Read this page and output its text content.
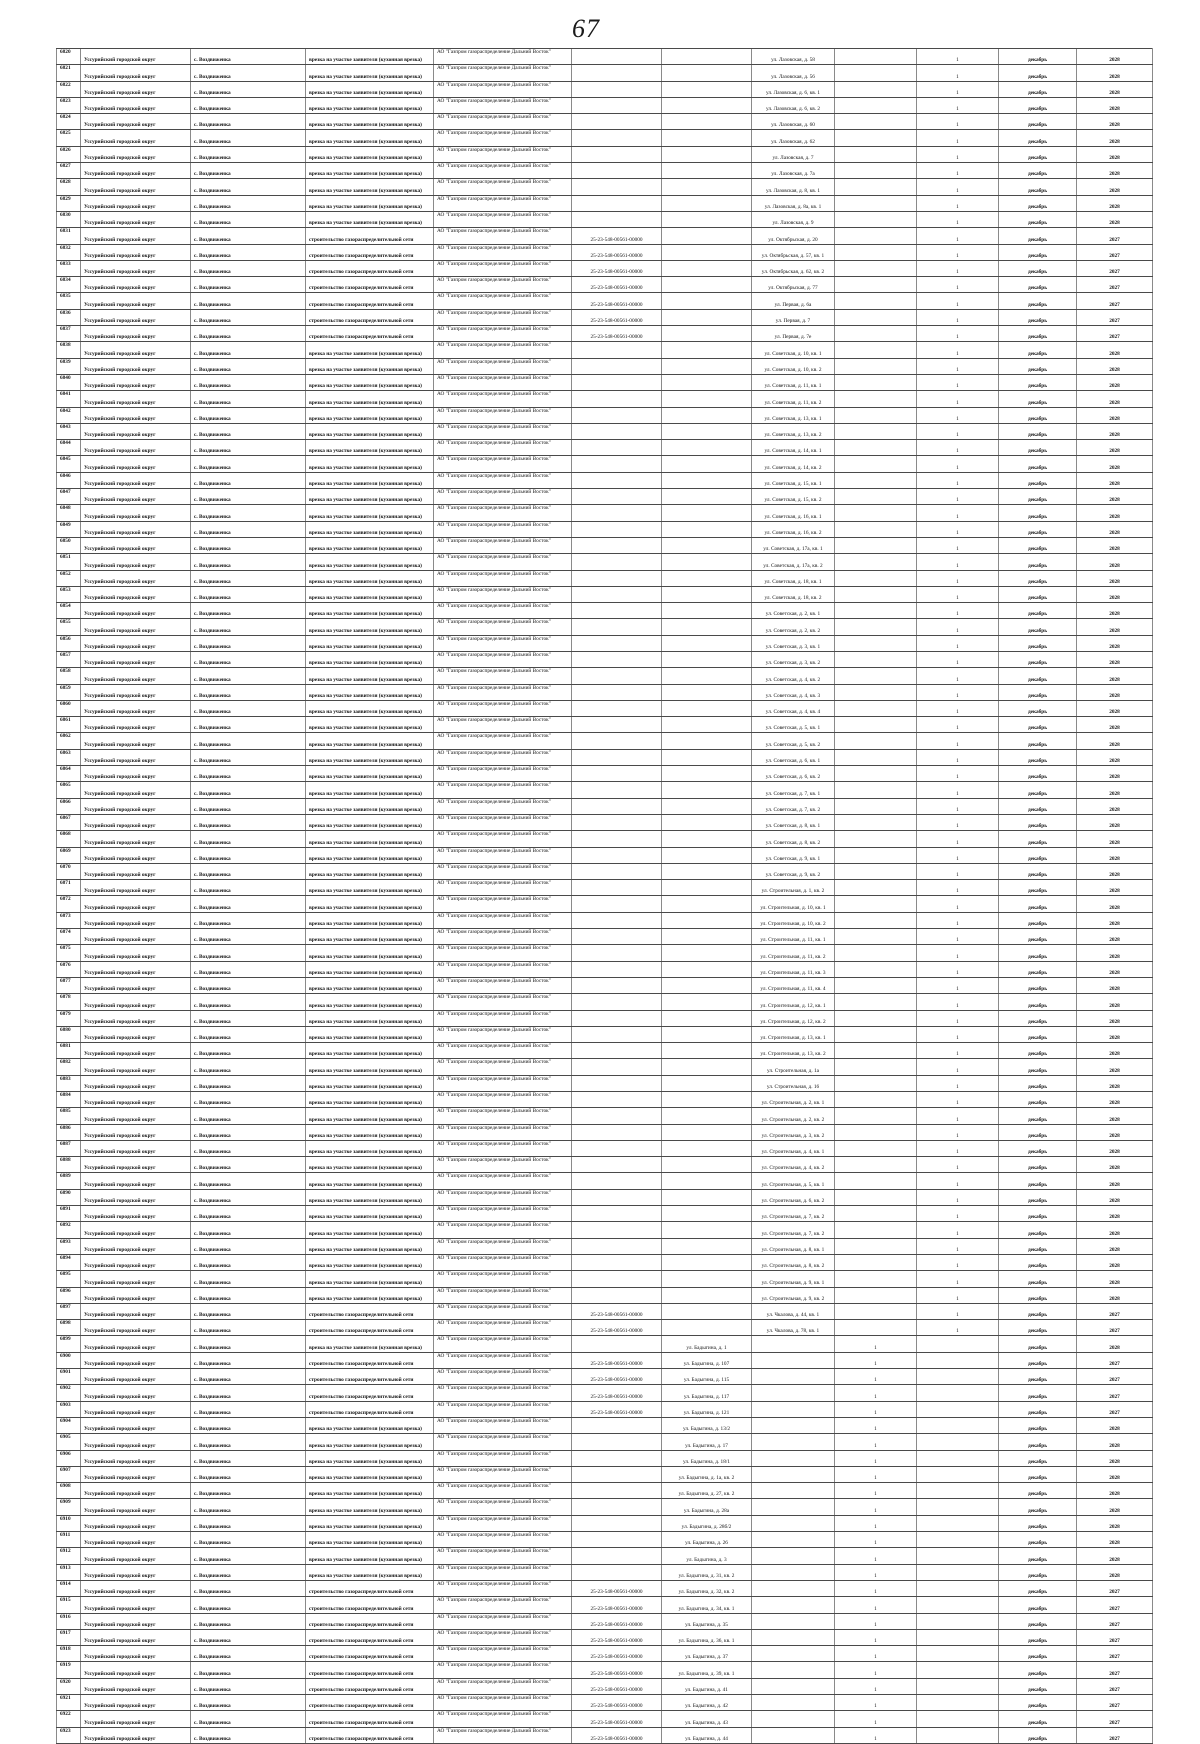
67
6820	Уссурийский городской округ	с. Воздвиженка	врезка на участке заявителя (кухонная врезка)	АО "Газпром газораспределение Дальний Восток"			ул. Лазовская, д. 58		1	декабрь	2028
6821	Уссурийский городской округ	с. Воздвиженка	врезка на участке заявителя (кухонная врезка)	АО "Газпром газораспределение Дальний Восток"			ул. Лазовская, д. 56		1	декабрь	2028
6822	Уссурийский городской округ	с. Воздвиженка	врезка на участке заявителя (кухонная врезка)	АО "Газпром газораспределение Дальний Восток"			ул. Лазовская, д. 6, кв. 1		1	декабрь	2028
6823	Уссурийский городской округ	с. Воздвиженка	врезка на участке заявителя (кухонная врезка)	АО "Газпром газораспределение Дальний Восток"			ул. Лазовская, д. 6, кв. 2		1	декабрь	2028
6824	Уссурийский городской округ	с. Воздвиженка	врезка на участке заявителя (кухонная врезка)	АО "Газпром газораспределение Дальний Восток"			ул. Лазовская, д. 60		1	декабрь	2028
6825	Уссурийский городской округ	с. Воздвиженка	врезка на участке заявителя (кухонная врезка)	АО "Газпром газораспределение Дальний Восток"			ул. Лазовская, д. 62		1	декабрь	2028
6826	Уссурийский городской округ	с. Воздвиженка	врезка на участке заявителя (кухонная врезка)	АО "Газпром газораспределение Дальний Восток"			ул. Лазовская, д. 7		1	декабрь	2028
6827	Уссурийский городской округ	с. Воздвиженка	врезка на участке заявителя (кухонная врезка)	АО "Газпром газораспределение Дальний Восток"			ул. Лазовская, д. 7а		1	декабрь	2028
6828	Уссурийский городской округ	с. Воздвиженка	врезка на участке заявителя (кухонная врезка)	АО "Газпром газораспределение Дальний Восток"			ул. Лазовская, д. 8, кв. 1		1	декабрь	2028
6829	Уссурийский городской округ	с. Воздвиженка	врезка на участке заявителя (кухонная врезка)	АО "Газпром газораспределение Дальний Восток"			ул. Лазовская, д. 8а, кв. 1		1	декабрь	2028
6830	Уссурийский городской округ	с. Воздвиженка	врезка на участке заявителя (кухонная врезка)	АО "Газпром газораспределение Дальний Восток"			ул. Лазовская, д. 9		1	декабрь	2028
6831	Уссурийский городской округ	с. Воздвиженка	строительство газораспределительной сети	АО "Газпром газораспределение Дальний Восток"	25-23-548-00561-00000		ул. Октябрьская, д. 20		1	декабрь	2027
6832	Уссурийский городской округ	с. Воздвиженка	строительство газораспределительной сети	АО "Газпром газораспределение Дальний Восток"	25-23-548-00561-00000		ул. Октябрьская, д. 57, кв. 1		1	декабрь	2027
6833	Уссурийский городской округ	с. Воздвиженка	строительство газораспределительной сети	АО "Газпром газораспределение Дальний Восток"	25-23-548-00561-00000		ул. Октябрьская, д. 62, кв. 2		1	декабрь	2027
6834	Уссурийский городской округ	с. Воздвиженка	строительство газораспределительной сети	АО "Газпром газораспределение Дальний Восток"	25-23-548-00561-00000		ул. Октябрьская, д. 77		1	декабрь	2027
6835	Уссурийский городской округ	с. Воздвиженка	строительство газораспределительной сети	АО "Газпром газораспределение Дальний Восток"	25-23-548-00561-00000		ул. Первая, д. 6а		1	декабрь	2027
6836	Уссурийский городской округ	с. Воздвиженка	строительство газораспределительной сети	АО "Газпром газораспределение Дальний Восток"	25-23-548-00561-00000		ул. Первая, д. 7		1	декабрь	2027
6837	Уссурийский городской округ	с. Воздвиженка	строительство газораспределительной сети	АО "Газпром газораспределение Дальний Восток"	25-23-548-00561-00000		ул. Первая, д. 7е		1	декабрь	2027
6838	Уссурийский городской округ	с. Воздвиженка	врезка на участке заявителя (кухонная врезка)	АО "Газпром газораспределение Дальний Восток"			ул. Советская, д. 10, кв. 1		1	декабрь	2028
6839	Уссурийский городской округ	с. Воздвиженка	врезка на участке заявителя (кухонная врезка)	АО "Газпром газораспределение Дальний Восток"			ул. Советская, д. 10, кв. 2		1	декабрь	2028
6840	Уссурийский городской округ	с. Воздвиженка	врезка на участке заявителя (кухонная врезка)	АО "Газпром газораспределение Дальний Восток"			ул. Советская, д. 11, кв. 1		1	декабрь	2028
6841	Уссурийский городской округ	с. Воздвиженка	врезка на участке заявителя (кухонная врезка)	АО "Газпром газораспределение Дальний Восток"			ул. Советская, д. 11, кв. 2		1	декабрь	2028
6842	Уссурийский городской округ	с. Воздвиженка	врезка на участке заявителя (кухонная врезка)	АО "Газпром газораспределение Дальний Восток"			ул. Советская, д. 13, кв. 1		1	декабрь	2028
6843	Уссурийский городской округ	с. Воздвиженка	врезка на участке заявителя (кухонная врезка)	АО "Газпром газораспределение Дальний Восток"			ул. Советская, д. 13, кв. 2		1	декабрь	2028
6844	Уссурийский городской округ	с. Воздвиженка	врезка на участке заявителя (кухонная врезка)	АО "Газпром газораспределение Дальний Восток"			ул. Советская, д. 14, кв. 1		1	декабрь	2028
6845	Уссурийский городской округ	с. Воздвиженка	врезка на участке заявителя (кухонная врезка)	АО "Газпром газораспределение Дальний Восток"			ул. Советская, д. 14, кв. 2		1	декабрь	2028
6846	Уссурийский городской округ	с. Воздвиженка	врезка на участке заявителя (кухонная врезка)	АО "Газпром газораспределение Дальний Восток"			ул. Советская, д. 15, кв. 1		1	декабрь	2028
6847	Уссурийский городской округ	с. Воздвиженка	врезка на участке заявителя (кухонная врезка)	АО "Газпром газораспределение Дальний Восток"			ул. Советская, д. 15, кв. 2		1	декабрь	2028
6848	Уссурийский городской округ	с. Воздвиженка	врезка на участке заявителя (кухонная врезка)	АО "Газпром газораспределение Дальний Восток"			ул. Советская, д. 16, кв. 1		1	декабрь	2028
6849	Уссурийский городской округ	с. Воздвиженка	врезка на участке заявителя (кухонная врезка)	АО "Газпром газораспределение Дальний Восток"			ул. Советская, д. 16, кв. 2		1	декабрь	2028
6850	Уссурийский городской округ	с. Воздвиженка	врезка на участке заявителя (кухонная врезка)	АО "Газпром газораспределение Дальний Восток"			ул. Советская, д. 17а, кв. 1		1	декабрь	2028
6851	Уссурийский городской округ	с. Воздвиженка	врезка на участке заявителя (кухонная врезка)	АО "Газпром газораспределение Дальний Восток"			ул. Советская, д. 17а, кв. 2		1	декабрь	2028
6852	Уссурийский городской округ	с. Воздвиженка	врезка на участке заявителя (кухонная врезка)	АО "Газпром газораспределение Дальний Восток"			ул. Советская, д. 18, кв. 1		1	декабрь	2028
6853	Уссурийский городской округ	с. Воздвиженка	врезка на участке заявителя (кухонная врезка)	АО "Газпром газораспределение Дальний Восток"			ул. Советская, д. 18, кв. 2		1	декабрь	2028
6854	Уссурийский городской округ	с. Воздвиженка	врезка на участке заявителя (кухонная врезка)	АО "Газпром газораспределение Дальний Восток"			ул. Советская, д. 2, кв. 1		1	декабрь	2028
6855	Уссурийский городской округ	с. Воздвиженка	врезка на участке заявителя (кухонная врезка)	АО "Газпром газораспределение Дальний Восток"			ул. Советская, д. 2, кв. 2		1	декабрь	2028
6856	Уссурийский городской округ	с. Воздвиженка	врезка на участке заявителя (кухонная врезка)	АО "Газпром газораспределение Дальний Восток"			ул. Советская, д. 3, кв. 1		1	декабрь	2028
6857	Уссурийский городской округ	с. Воздвиженка	врезка на участке заявителя (кухонная врезка)	АО "Газпром газораспределение Дальний Восток"			ул. Советская, д. 3, кв. 2		1	декабрь	2028
6858	Уссурийский городской округ	с. Воздвиженка	врезка на участке заявителя (кухонная врезка)	АО "Газпром газораспределение Дальний Восток"			ул. Советская, д. 4, кв. 2		1	декабрь	2028
6859	Уссурийский городской округ	с. Воздвиженка	врезка на участке заявителя (кухонная врезка)	АО "Газпром газораспределение Дальний Восток"			ул. Советская, д. 4, кв. 3		1	декабрь	2028
6860	Уссурийский городской округ	с. Воздвиженка	врезка на участке заявителя (кухонная врезка)	АО "Газпром газораспределение Дальний Восток"			ул. Советская, д. 4, кв. 4		1	декабрь	2028
6861	Уссурийский городской округ	с. Воздвиженка	врезка на участке заявителя (кухонная врезка)	АО "Газпром газораспределение Дальний Восток"			ул. Советская, д. 5, кв. 1		1	декабрь	2028
6862	Уссурийский городской округ	с. Воздвиженка	врезка на участке заявителя (кухонная врезка)	АО "Газпром газораспределение Дальний Восток"			ул. Советская, д. 5, кв. 2		1	декабрь	2028
6863	Уссурийский городской округ	с. Воздвиженка	врезка на участке заявителя (кухонная врезка)	АО "Газпром газораспределение Дальний Восток"			ул. Советская, д. 6, кв. 1		1	декабрь	2028
6864	Уссурийский городской округ	с. Воздвиженка	врезка на участке заявителя (кухонная врезка)	АО "Газпром газораспределение Дальний Восток"			ул. Советская, д. 6, кв. 2		1	декабрь	2028
6865	Уссурийский городской округ	с. Воздвиженка	врезка на участке заявителя (кухонная врезка)	АО "Газпром газораспределение Дальний Восток"			ул. Советская, д. 7, кв. 1		1	декабрь	2028
6866	Уссурийский городской округ	с. Воздвиженка	врезка на участке заявителя (кухонная врезка)	АО "Газпром газораспределение Дальний Восток"			ул. Советская, д. 7, кв. 2		1	декабрь	2028
6867	Уссурийский городской округ	с. Воздвиженка	врезка на участке заявителя (кухонная врезка)	АО "Газпром газораспределение Дальний Восток"			ул. Советская, д. 8, кв. 1		1	декабрь	2028
6868	Уссурийский городской округ	с. Воздвиженка	врезка на участке заявителя (кухонная врезка)	АО "Газпром газораспределение Дальний Восток"			ул. Советская, д. 8, кв. 2		1	декабрь	2028
6869	Уссурийский городской округ	с. Воздвиженка	врезка на участке заявителя (кухонная врезка)	АО "Газпром газораспределение Дальний Восток"			ул. Советская, д. 9, кв. 1		1	декабрь	2028
6870	Уссурийский городской округ	с. Воздвиженка	врезка на участке заявителя (кухонная врезка)	АО "Газпром газораспределение Дальний Восток"			ул. Советская, д. 9, кв. 2		1	декабрь	2028
6871	Уссурийский городской округ	с. Воздвиженка	врезка на участке заявителя (кухонная врезка)	АО "Газпром газораспределение Дальний Восток"			ул. Строительная, д. 1, кв. 2		1	декабрь	2028
6872	Уссурийский городской округ	с. Воздвиженка	врезка на участке заявителя (кухонная врезка)	АО "Газпром газораспределение Дальний Восток"			ул. Строительная, д. 10, кв. 1		1	декабрь	2028
6873	Уссурийский городской округ	с. Воздвиженка	врезка на участке заявителя (кухонная врезка)	АО "Газпром газораспределение Дальний Восток"			ул. Строительная, д. 10, кв. 2		1	декабрь	2028
6874	Уссурийский городской округ	с. Воздвиженка	врезка на участке заявителя (кухонная врезка)	АО "Газпром газораспределение Дальний Восток"			ул. Строительная, д. 11, кв. 1		1	декабрь	2028
6875	Уссурийский городской округ	с. Воздвиженка	врезка на участке заявителя (кухонная врезка)	АО "Газпром газораспределение Дальний Восток"			ул. Строительная, д. 11, кв. 2		1	декабрь	2028
6876	Уссурийский городской округ	с. Воздвиженка	врезка на участке заявителя (кухонная врезка)	АО "Газпром газораспределение Дальний Восток"			ул. Строительная, д. 11, кв. 3		1	декабрь	2028
6877	Уссурийский городской округ	с. Воздвиженка	врезка на участке заявителя (кухонная врезка)	АО "Газпром газораспределение Дальний Восток"			ул. Строительная, д. 11, кв. 4		1	декабрь	2028
6878	Уссурийский городской округ	с. Воздвиженка	врезка на участке заявителя (кухонная врезка)	АО "Газпром газораспределение Дальний Восток"			ул. Строительная, д. 12, кв. 1		1	декабрь	2028
6879	Уссурийский городской округ	с. Воздвиженка	врезка на участке заявителя (кухонная врезка)	АО "Газпром газораспределение Дальний Восток"			ул. Строительная, д. 12, кв. 2		1	декабрь	2028
6880	Уссурийский городской округ	с. Воздвиженка	врезка на участке заявителя (кухонная врезка)	АО "Газпром газораспределение Дальний Восток"			ул. Строительная, д. 13, кв. 1		1	декабрь	2028
6881	Уссурийский городской округ	с. Воздвиженка	врезка на участке заявителя (кухонная врезка)	АО "Газпром газораспределение Дальний Восток"			ул. Строительная, д. 13, кв. 2		1	декабрь	2028
6882	Уссурийский городской округ	с. Воздвиженка	врезка на участке заявителя (кухонная врезка)	АО "Газпром газораспределение Дальний Восток"			ул. Строительная, д. 1а		1	декабрь	2028
6883	Уссурийский городской округ	с. Воздвиженка	врезка на участке заявителя (кухонная врезка)	АО "Газпром газораспределение Дальний Восток"			ул. Строительная, д. 16		1	декабрь	2028
6884	Уссурийский городской округ	с. Воздвиженка	врезка на участке заявителя (кухонная врезка)	АО "Газпром газораспределение Дальний Восток"			ул. Строительная, д. 2, кв. 1		1	декабрь	2028
6885	Уссурийский городской округ	с. Воздвиженка	врезка на участке заявителя (кухонная врезка)	АО "Газпром газораспределение Дальний Восток"			ул. Строительная, д. 2, кв. 2		1	декабрь	2028
6886	Уссурийский городской округ	с. Воздвиженка	врезка на участке заявителя (кухонная врезка)	АО "Газпром газораспределение Дальний Восток"			ул. Строительная, д. 3, кв. 2		1	декабрь	2028
6887	Уссурийский городской округ	с. Воздвиженка	врезка на участке заявителя (кухонная врезка)	АО "Газпром газораспределение Дальний Восток"			ул. Строительная, д. 4, кв. 1		1	декабрь	2028
6888	Уссурийский городской округ	с. Воздвиженка	врезка на участке заявителя (кухонная врезка)	АО "Газпром газораспределение Дальний Восток"			ул. Строительная, д. 4, кв. 2		1	декабрь	2028
6889	Уссурийский городской округ	с. Воздвиженка	врезка на участке заявителя (кухонная врезка)	АО "Газпром газораспределение Дальний Восток"			ул. Строительная, д. 5, кв. 1		1	декабрь	2028
6890	Уссурийский городской округ	с. Воздвиженка	врезка на участке заявителя (кухонная врезка)	АО "Газпром газораспределение Дальний Восток"			ул. Строительная, д. 6, кв. 2		1	декабрь	2028
6891	Уссурийский городской округ	с. Воздвиженка	врезка на участке заявителя (кухонная врезка)	АО "Газпром газораспределение Дальний Восток"			ул. Строительная, д. 7, кв. 2		1	декабрь	2028
6892	Уссурийский городской округ	с. Воздвиженка	врезка на участке заявителя (кухонная врезка)	АО "Газпром газораспределение Дальний Восток"			ул. Строительная, д. 7, кв. 2		1	декабрь	2028
6893	Уссурийский городской округ	с. Воздвиженка	врезка на участке заявителя (кухонная врезка)	АО "Газпром газораспределение Дальний Восток"			ул. Строительная, д. 8, кв. 1		1	декабрь	2028
6894	Уссурийский городской округ	с. Воздвиженка	врезка на участке заявителя (кухонная врезка)	АО "Газпром газораспределение Дальний Восток"			ул. Строительная, д. 8, кв. 2		1	декабрь	2028
6895	Уссурийский городской округ	с. Воздвиженка	врезка на участке заявителя (кухонная врезка)	АО "Газпром газораспределение Дальний Восток"			ул. Строительная, д. 9, кв. 1		1	декабрь	2028
6896	Уссурийский городской округ	с. Воздвиженка	врезка на участке заявителя (кухонная врезка)	АО "Газпром газораспределение Дальний Восток"			ул. Строительная, д. 9, кв. 2		1	декабрь	2028
6897	Уссурийский городской округ	с. Воздвиженка	строительство газораспределительной сети	АО "Газпром газораспределение Дальний Восток"	25-23-548-00561-00000		ул. Чкалова, д. 44, кв. 1		1	декабрь	2027
6898	Уссурийский городской округ	с. Воздвиженка	строительство газораспределительной сети	АО "Газпром газораспределение Дальний Восток"	25-23-548-00561-00000		ул. Чкалова, д. 78, кв. 1		1	декабрь	2027
6899	Уссурийский городской округ	с. Воздвиженка	врезка на участке заявителя (кухонная врезка)	АО "Газпром газораспределение Дальний Восток"		ул. Бадыгина, д. 1		1		декабрь	2028
6900	Уссурийский городской округ	с. Воздвиженка	строительство газораспределительной сети	АО "Газпром газораспределение Дальний Восток"	25-23-548-00561-00000	ул. Бадыгина, д. 107		1		декабрь	2027
6901	Уссурийский городской округ	с. Воздвиженка	строительство газораспределительной сети	АО "Газпром газораспределение Дальний Восток"	25-23-548-00561-00000	ул. Бадыгина, д. 115		1		декабрь	2027
6902	Уссурийский городской округ	с. Воздвиженка	строительство газораспределительной сети	АО "Газпром газораспределение Дальний Восток"	25-23-548-00561-00000	ул. Бадыгина, д. 117		1		декабрь	2027
6903	Уссурийский городской округ	с. Воздвиженка	строительство газораспределительной сети	АО "Газпром газораспределение Дальний Восток"	25-23-548-00561-00000	ул. Бадыгина, д. 121		1		декабрь	2027
6904	Уссурийский городской округ	с. Воздвиженка	врезка на участке заявителя (кухонная врезка)	АО "Газпром газораспределение Дальний Восток"		ул. Бадыгина, д. 13/2		1		декабрь	2028
6905	Уссурийский городской округ	с. Воздвиженка	врезка на участке заявителя (кухонная врезка)	АО "Газпром газораспределение Дальний Восток"		ул. Бадыгина, д. 17		1		декабрь	2028
6906	Уссурийский городской округ	с. Воздвиженка	врезка на участке заявителя (кухонная врезка)	АО "Газпром газораспределение Дальний Восток"		ул. Бадыгина, д. 18/1		1		декабрь	2028
6907	Уссурийский городской округ	с. Воздвиженка	врезка на участке заявителя (кухонная врезка)	АО "Газпром газораспределение Дальний Восток"		ул. Бадыгина, д. 1а, кв. 2		1		декабрь	2028
6908	Уссурийский городской округ	с. Воздвиженка	врезка на участке заявителя (кухонная врезка)	АО "Газпром газораспределение Дальний Восток"		ул. Бадыгина, д. 27, кв. 2		1		декабрь	2028
6909	Уссурийский городской округ	с. Воздвиженка	врезка на участке заявителя (кухонная врезка)	АО "Газпром газораспределение Дальний Восток"		ул. Бадыгина, д. 28а		1		декабрь	2028
6910	Уссурийский городской округ	с. Воздвиженка	врезка на участке заявителя (кухонная врезка)	АО "Газпром газораспределение Дальний Восток"		ул. Бадыгина, д. 28б/2		1		декабрь	2028
6911	Уссурийский городской округ	с. Воздвиженка	врезка на участке заявителя (кухонная врезка)	АО "Газпром газораспределение Дальний Восток"		ул. Бадыгина, д. 26		1		декабрь	2028
6912	Уссурийский городской округ	с. Воздвиженка	врезка на участке заявителя (кухонная врезка)	АО "Газпром газораспределение Дальний Восток"		ул. Бадыгина, д. 3		1		декабрь	2028
6913	Уссурийский городской округ	с. Воздвиженка	врезка на участке заявителя (кухонная врезка)	АО "Газпром газораспределение Дальний Восток"		ул. Бадыгина, д. 31, кв. 2		1		декабрь	2028
6914	Уссурийский городской округ	с. Воздвиженка	строительство газораспределительной сети	АО "Газпром газораспределение Дальний Восток"	25-23-548-00561-00000	ул. Бадыгина, д. 32, кв. 2		1		декабрь	2027
6915	Уссурийский городской округ	с. Воздвиженка	строительство газораспределительной сети	АО "Газпром газораспределение Дальний Восток"	25-23-548-00561-00000	ул. Бадыгина, д. 34, кв. 1		1		декабрь	2027
6916	Уссурийский городской округ	с. Воздвиженка	строительство газораспределительной сети	АО "Газпром газораспределение Дальний Восток"	25-23-548-00561-00000	ул. Бадыгина, д. 35		1		декабрь	2027
6917	Уссурийский городской округ	с. Воздвиженка	строительство газораспределительной сети	АО "Газпром газораспределение Дальний Восток"	25-23-548-00561-00000	ул. Бадыгина, д. 36, кв. 1		1		декабрь	2027
6918	Уссурийский городской округ	с. Воздвиженка	строительство газораспределительной сети	АО "Газпром газораспределение Дальний Восток"	25-23-548-00561-00000	ул. Бадыгина, д. 37		1		декабрь	2027
6919	Уссурийский городской округ	с. Воздвиженка	строительство газораспределительной сети	АО "Газпром газораспределение Дальний Восток"	25-23-548-00561-00000	ул. Бадыгина, д. 39, кв. 1		1		декабрь	2027
6920	Уссурийский городской округ	с. Воздвиженка	строительство газораспределительной сети	АО "Газпром газораспределение Дальний Восток"	25-23-548-00561-00000	ул. Бадыгина, д. 41		1		декабрь	2027
6921	Уссурийский городской округ	с. Воздвиженка	строительство газораспределительной сети	АО "Газпром газораспределение Дальний Восток"	25-23-548-00561-00000	ул. Бадыгина, д. 42		1		декабрь	2027
6922	Уссурийский городской округ	с. Воздвиженка	строительство газораспределительной сети	АО "Газпром газораспределение Дальний Восток"	25-23-548-00561-00000	ул. Бадыгина, д. 43		1		декабрь	2027
6923	Уссурийский городской округ	с. Воздвиженка	строительство газораспределительной сети	АО "Газпром газораспределение Дальний Восток"	25-23-548-00561-00000	ул. Бадыгина, д. 44		1		декабрь	2027
